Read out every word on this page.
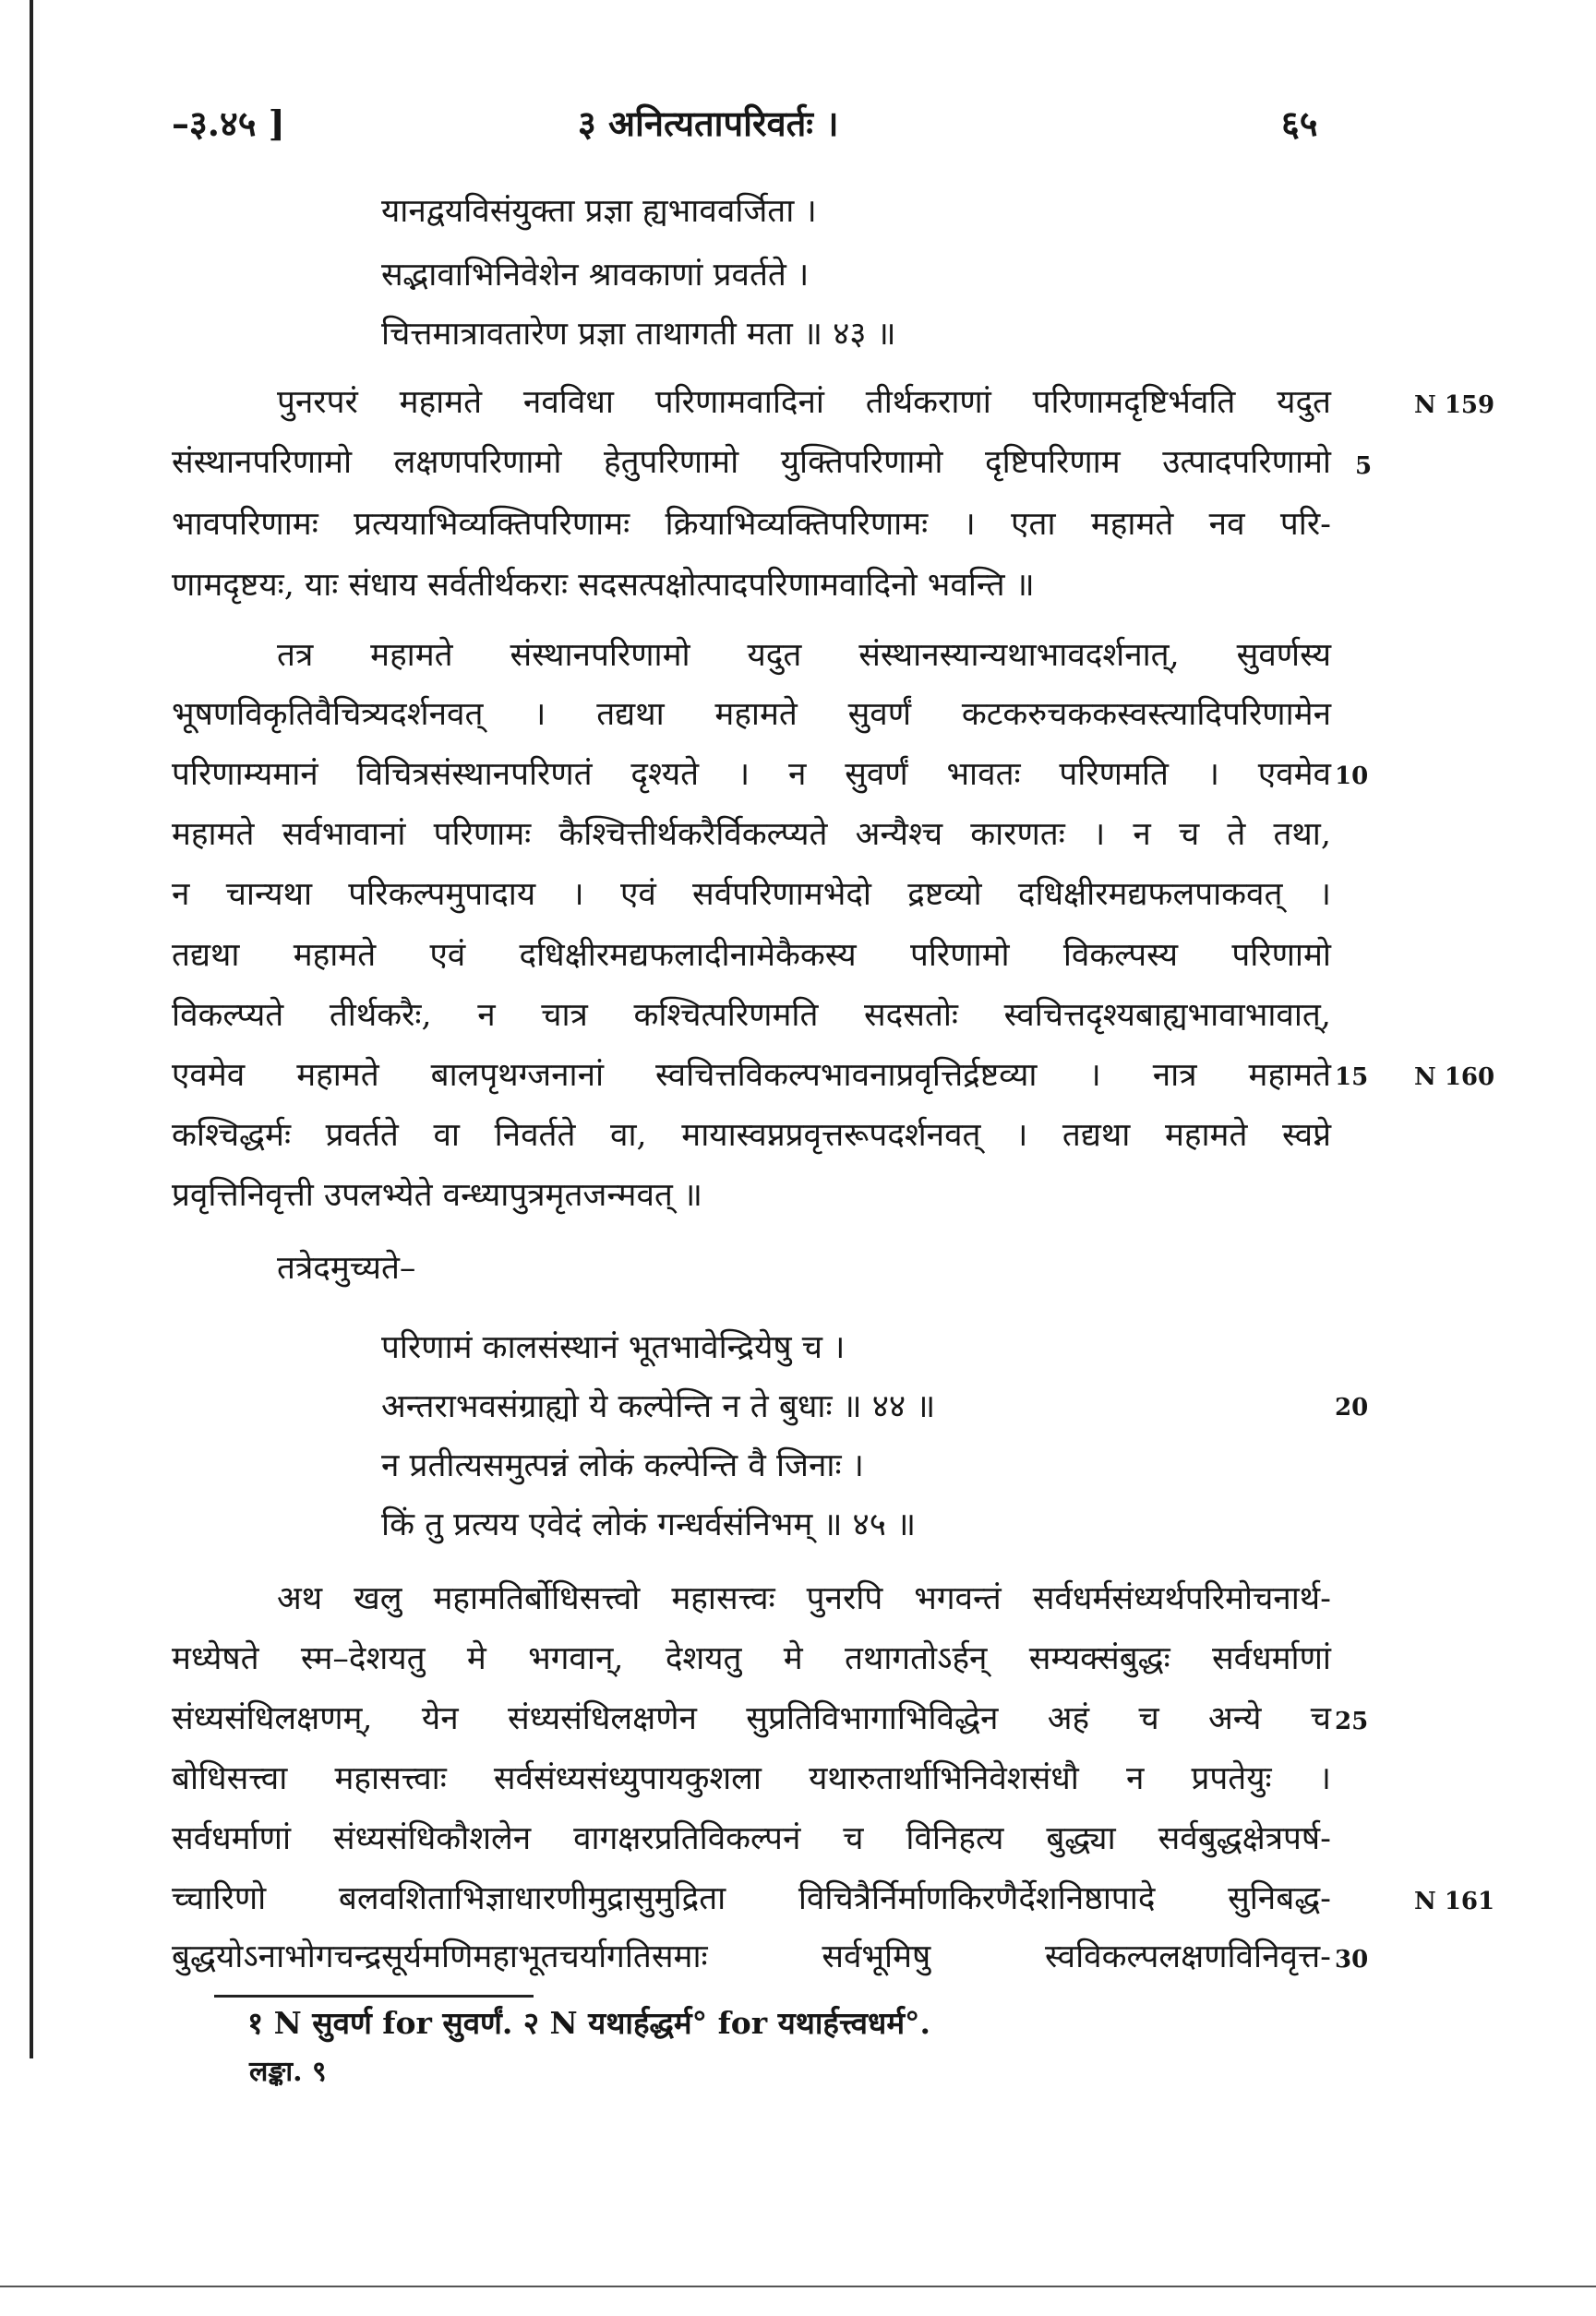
–३.४५ ]	३ अनित्यतापरिवर्तः ।	६५
यानद्वयविसंयुक्ता प्रज्ञा ह्यभाववर्जिता ।
सद्भावाभिनिवेशेन श्रावकाणां प्रवर्तते ।
चित्तमात्रावतारेण प्रज्ञा ताथागती मता ॥ ४३ ॥
पुनरपरं महामते नवविधा परिणामवादिनां तीर्थकराणां परिणामदृष्टिर्भवति यदुत
संस्थानपरिणामो लक्षणपरिणामो हेतुपरिणामो युक्तिपरिणामो दृष्टिपरिणाम उत्पादपरिणामो
भावपरिणामः प्रत्ययाभिव्यक्तिपरिणामः क्रियाभिव्यक्तिपरिणामः । एता महामते नव परि-
णामदृष्टयः, याः संधाय सर्वतीर्थकराः सदसत्पक्षोत्पादपरिणामवादिनो भवन्ति ॥
तत्र महामते संस्थानपरिणामो यदुत संस्थानस्यान्यथाभावदर्शनात्, सुवर्णस्य
भूषणविकृतिवैचित्र्यदर्शनवत् । तद्यथा महामते सुवर्णं कटकरुचककस्वस्त्यादिपरिणामेन
परिणाम्यमानं विचित्रसंस्थानपरिणतं दृश्यते । न सुवर्णं भावतः परिणमति । एवमेव
महामते सर्वभावानां परिणामः कैश्चित्तीर्थकरैर्विकल्प्यते अन्यैश्च कारणतः । न च ते तथा,
न चान्यथा परिकल्पमुपादाय । एवं सर्वपरिणामभेदो द्रष्टव्यो दधिक्षीरमद्यफलपाकवत् ।
तद्यथा महामते एवं दधिक्षीरमद्यफलादीनामेकैकस्य परिणामो विकल्पस्य परिणामो
विकल्प्यते तीर्थकरैः, न चात्र कश्चित्परिणमति सदसतोः स्वचित्तदृश्यबाह्यभावाभावात्,
एवमेव महामते बालपृथग्जनानां स्वचित्तविकल्पभावनाप्रवृत्तिर्द्रष्टव्या । नात्र महामते
कश्चिद्धर्मः प्रवर्तते वा निवर्तते वा, मायास्वप्नप्रवृत्तरूपदर्शनवत् । तद्यथा महामते स्वप्ने
प्रवृत्तिनिवृत्ती उपलभ्येते वन्ध्यापुत्रमृतजन्मवत् ॥
तत्रेदमुच्यते–
परिणामं कालसंस्थानं भूतभावेन्द्रियेषु च ।
अन्तराभवसंग्राह्यो ये कल्पेन्ति न ते बुधाः ॥ ४४ ॥
न प्रतीत्यसमुत्पन्नं लोकं कल्पेन्ति वै जिनाः ।
किं तु प्रत्यय एवेदं लोकं गन्धर्वसंनिभम् ॥ ४५ ॥
अथ खलु महामतिर्बोधिसत्त्वो महासत्त्वः पुनरपि भगवन्तं सर्वधर्मसंध्यर्थपरिमोचनार्थ-
मध्येषते स्म–देशयतु मे भगवान्, देशयतु मे तथागतोऽर्हन् सम्यक्संबुद्धः सर्वधर्माणां
संध्यसंधिलक्षणम्, येन संध्यसंधिलक्षणेन सुप्रतिविभागाभिविद्धेन अहं च अन्ये च
बोधिसत्त्वा महासत्त्वाः सर्वसंध्यसंध्युपायकुशला यथारुतार्थाभिनिवेशसंधौ न प्रपतेयुः ।
सर्वधर्माणां संध्यसंधिकौशलेन वागक्षरप्रतिविकल्पनं च विनिहत्य बुद्ध्या सर्वबुद्धक्षेत्रपर्ष-
च्चारिणो बलवशिताभिज्ञाधारणीमुद्रासुमुद्रिता विचित्रैर्निर्माणकिरणैर्देशनिष्ठापादे सुनिबद्ध-
बुद्धयोऽनाभोगचन्द्रसूर्यमणिमहाभूतचर्यागतिसमाः सर्वभूमिषु स्वविकल्पलक्षणविनिवृत्त-
5
10
15
20
25
30
N 159
N 160
N 161
१ N सुवर्ण for सुवर्णं. २ N यथार्हद्धर्म° for यथार्हत्त्वधर्म°.
लङ्का. ९
